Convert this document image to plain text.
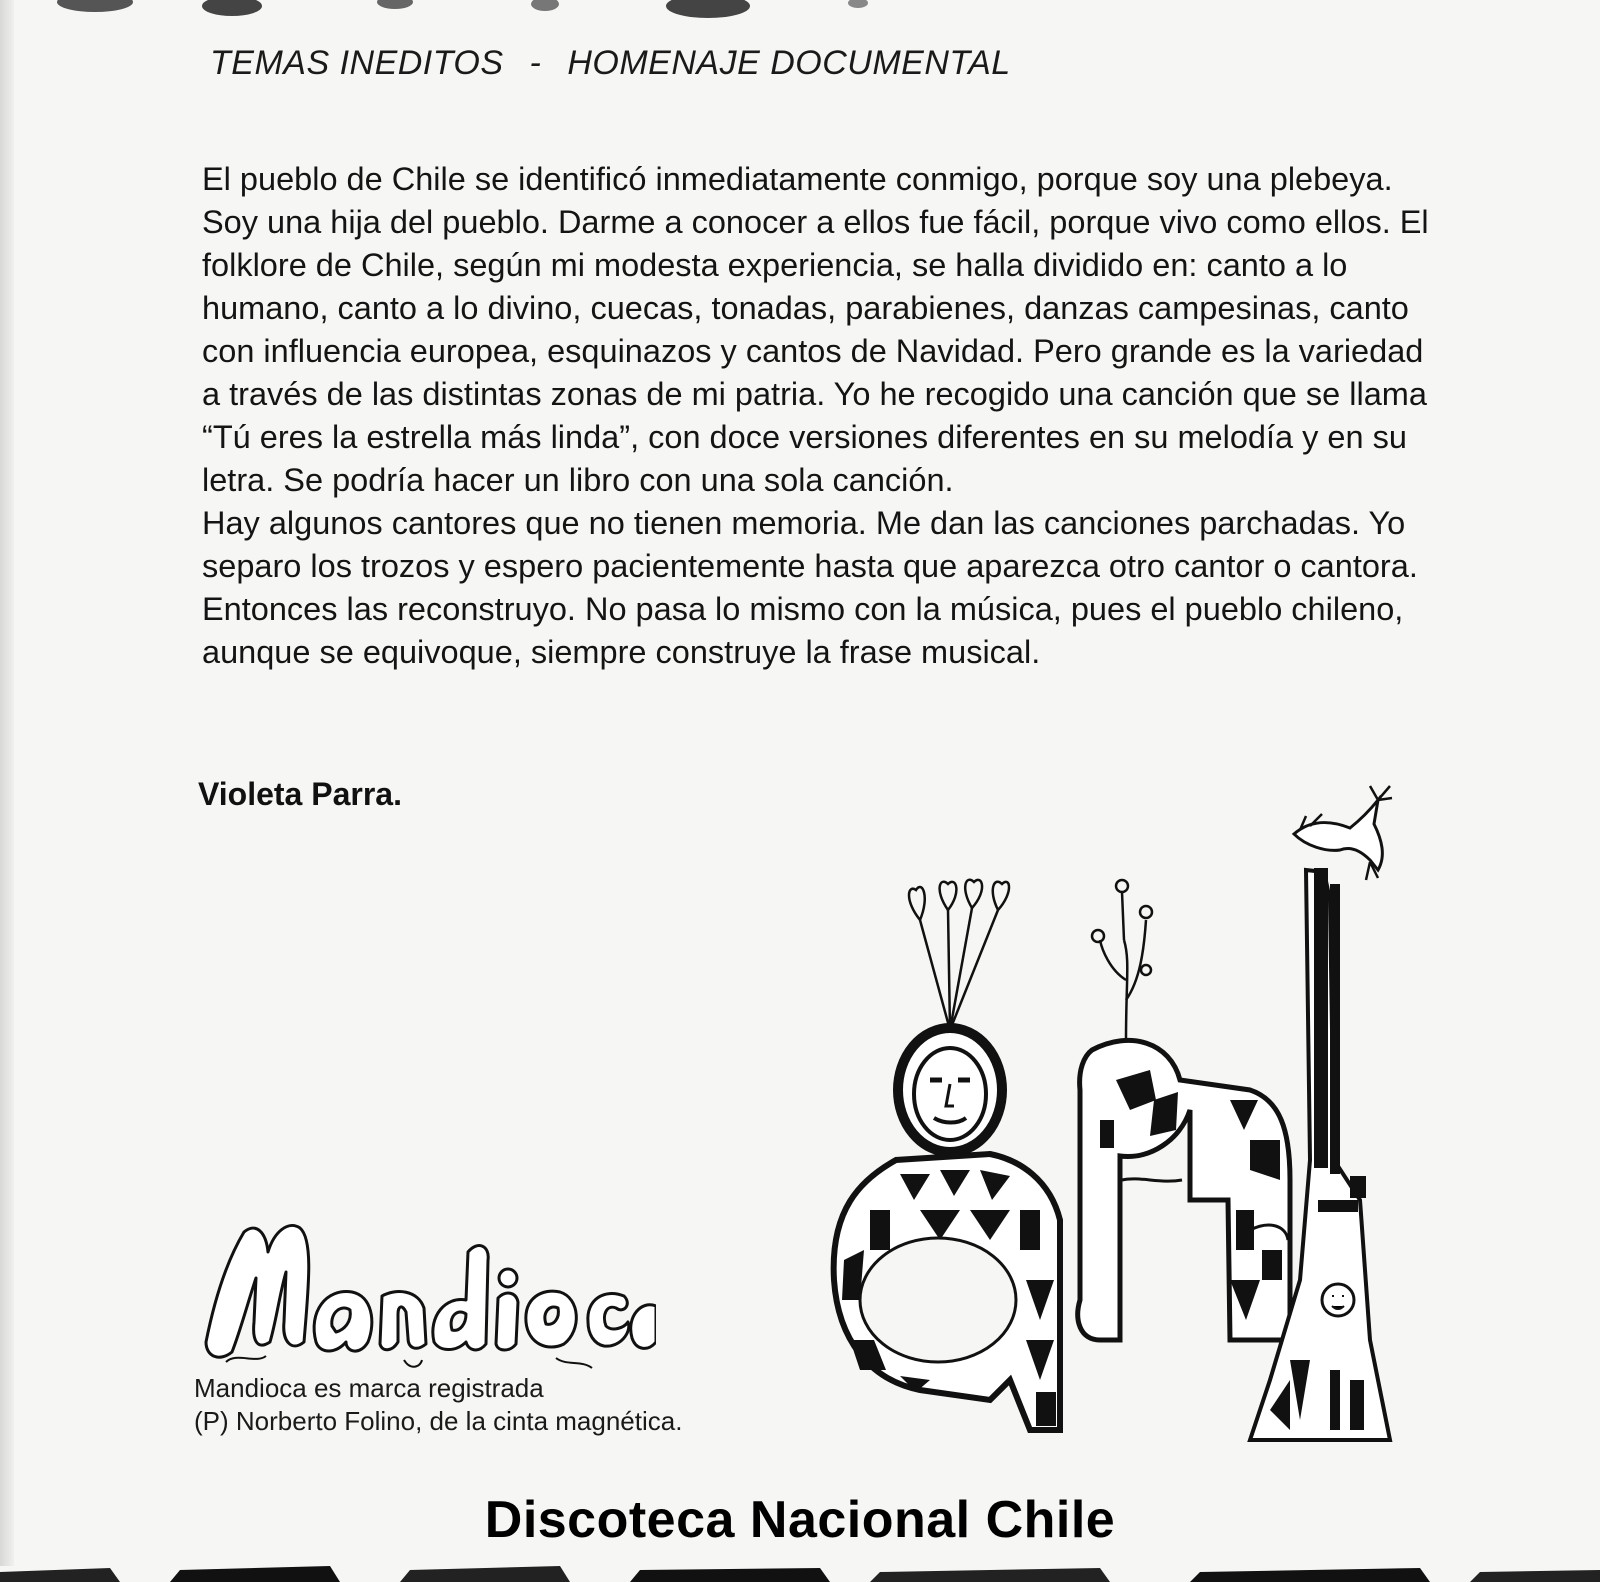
TEMAS INEDITOS - HOMENAJE DOCUMENTAL

El pueblo de Chile se identificó inmediatamente conmigo, porque soy una plebeya. Soy una hija del pueblo. Darme a conocer a ellos fue fácil, porque vivo como ellos. El folklore de Chile, según mi modesta experiencia, se halla dividido en: canto a lo humano, canto a lo divino, cuecas, tonadas, parabienes, danzas campesinas, canto con influencia europea, esquinazos y cantos de Navidad. Pero grande es la variedad a través de las distintas zonas de mi patria. Yo he recogido una canción que se llama “Tú eres la estrella más linda”, con doce versiones diferentes en su melodía y en su letra. Se podría hacer un libro con una sola canción.

Hay algunos cantores que no tienen memoria. Me dan las canciones parchadas. Yo separo los trozos y espero pacientemente hasta que aparezca otro cantor o cantora. Entonces las reconstruyo. No pasa lo mismo con la música, pues el pueblo chileno, aunque se equivoque, siempre construye la frase musical.

Violeta Parra.
Mandioca es marca registrada
(P) Norberto Folino, de la cinta magnética.
Discoteca Nacional Chile
